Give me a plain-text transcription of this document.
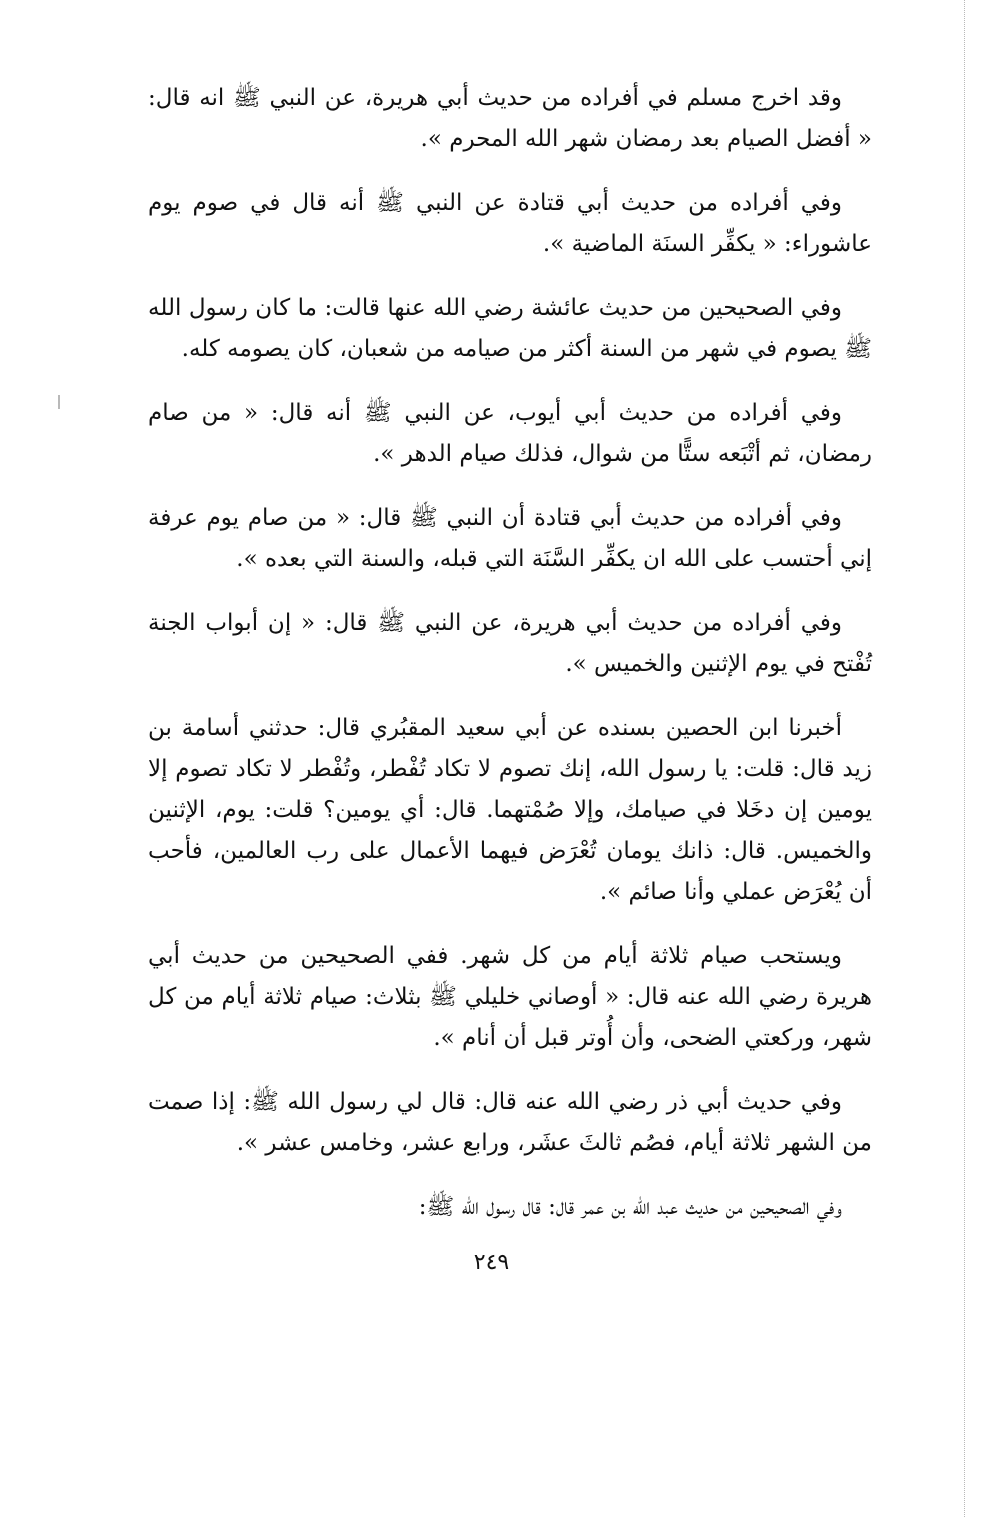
وقد اخرج مسلم في أفراده من حديث أبي هريرة، عن النبي ﷺ انه قال: « أفضل الصيام بعد رمضان شهر الله المحرم ».

وفي أفراده من حديث أبي قتادة عن النبي ﷺ أنه قال في صوم يوم عاشوراء: « يكفِّر السنَة الماضية ».

وفي الصحيحين من حديث عائشة رضي الله عنها قالت: ما كان رسول الله ﷺ يصوم في شهر من السنة أكثر من صيامه من شعبان، كان يصومه كله.

وفي أفراده من حديث أبي أيوب، عن النبي ﷺ أنه قال: « من صام رمضان، ثم أتْبَعه ستًّا من شوال، فذلك صيام الدهر ».

وفي أفراده من حديث أبي قتادة أن النبي ﷺ قال: « من صام يوم عرفة إني أحتسب على الله ان يكفِّر السَّنَة التي قبله، والسنة التي بعده ».

وفي أفراده من حديث أبي هريرة، عن النبي ﷺ قال: « إن أبواب الجنة تُفْتح في يوم الإثنين والخميس ».

أخبرنا ابن الحصين بسنده عن أبي سعيد المقبُري قال: حدثني أسامة بن زيد قال: قلت: يا رسول الله، إنك تصوم لا تكاد تُفْطر، وتُفْطر لا تكاد تصوم إلا يومين إن دخَلا في صيامك، وإلا صُمْتهما. قال: أي يومين؟ قلت: يوم، الإثنين والخميس. قال: ذانك يومان تُعْرَض فيهما الأعمال على رب العالمين، فأحب أن يُعْرَض عملي وأنا صائم ».

ويستحب صيام ثلاثة أيام من كل شهر. ففي الصحيحين من حديث أبي هريرة رضي الله عنه قال: « أوصاني خليلي ﷺ بثلاث: صيام ثلاثة أيام من كل شهر، وركعتي الضحى، وأن أُوتر قبل أن أنام ».

وفي حديث أبي ذر رضي الله عنه قال: قال لي رسول الله ﷺ: إذا صمت من الشهر ثلاثة أيام، فصُم ثالثَ عشَر، ورابع عشر، وخامس عشر ».

وفي الصحيحين من حديث عبد الله بن عمر قال: قال رسول الله ﷺ:

٢٤٩
